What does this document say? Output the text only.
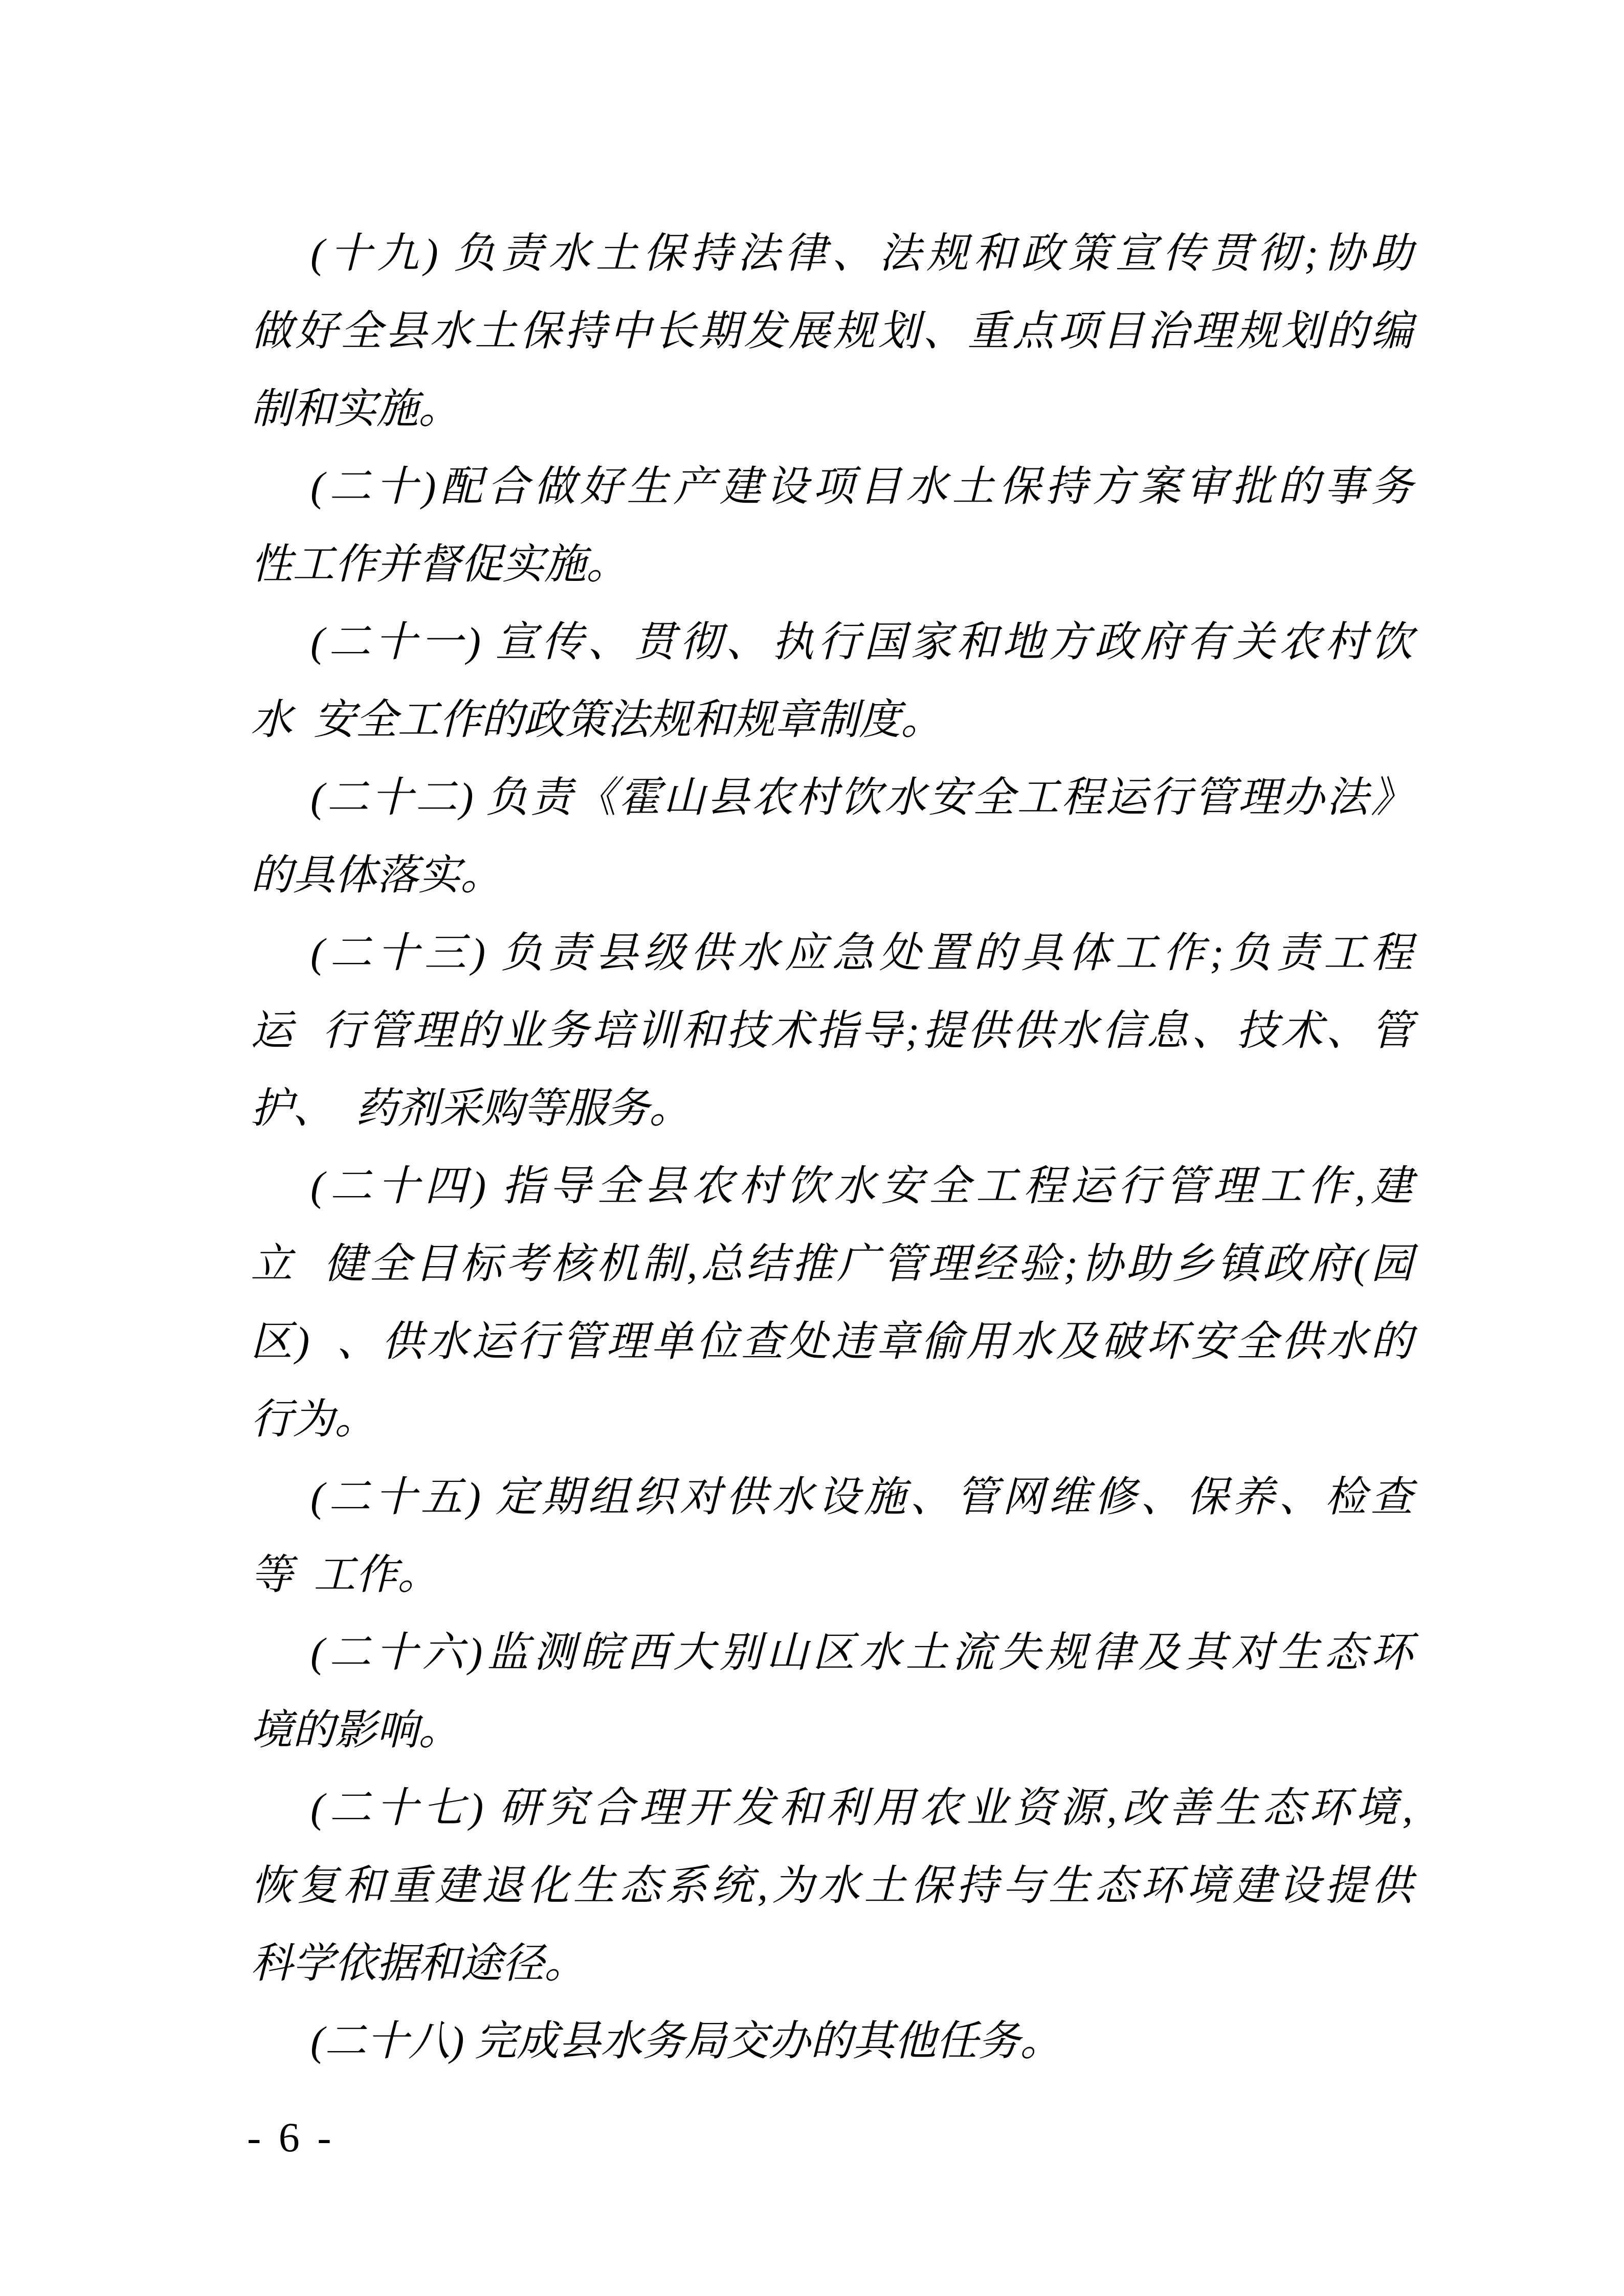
(十九) 负责水土保持法律、法规和政策宣传贯彻;协助
做好全县水土保持中长期发展规划、重点项目治理规划的编
制和实施。
(二十)配合做好生产建设项目水土保持方案审批的事务
性工作并督促实施。
(二十一) 宣传、贯彻、执行国家和地方政府有关农村饮
水  安全工作的政策法规和规章制度。
(二十二) 负责《霍山县农村饮水安全工程运行管理办法》
的具体落实。
(二十三) 负责县级供水应急处置的具体工作;负责工程
运  行管理的业务培训和技术指导;提供供水信息、技术、管
护、  药剂采购等服务。
(二十四) 指导全县农村饮水安全工程运行管理工作,建
立  健全目标考核机制,总结推广管理经验;协助乡镇政府(园
区)  、供水运行管理单位查处违章偷用水及破坏安全供水的
行为。
(二十五) 定期组织对供水设施、管网维修、保养、检查
等  工作。
(二十六)监测皖西大别山区水土流失规律及其对生态环
境的影响。
(二十七) 研究合理开发和利用农业资源,改善生态环境,
恢复和重建退化生态系统,为水土保持与生态环境建设提供
科学依据和途径。
(二十八) 完成县水务局交办的其他任务。
- 6 -
